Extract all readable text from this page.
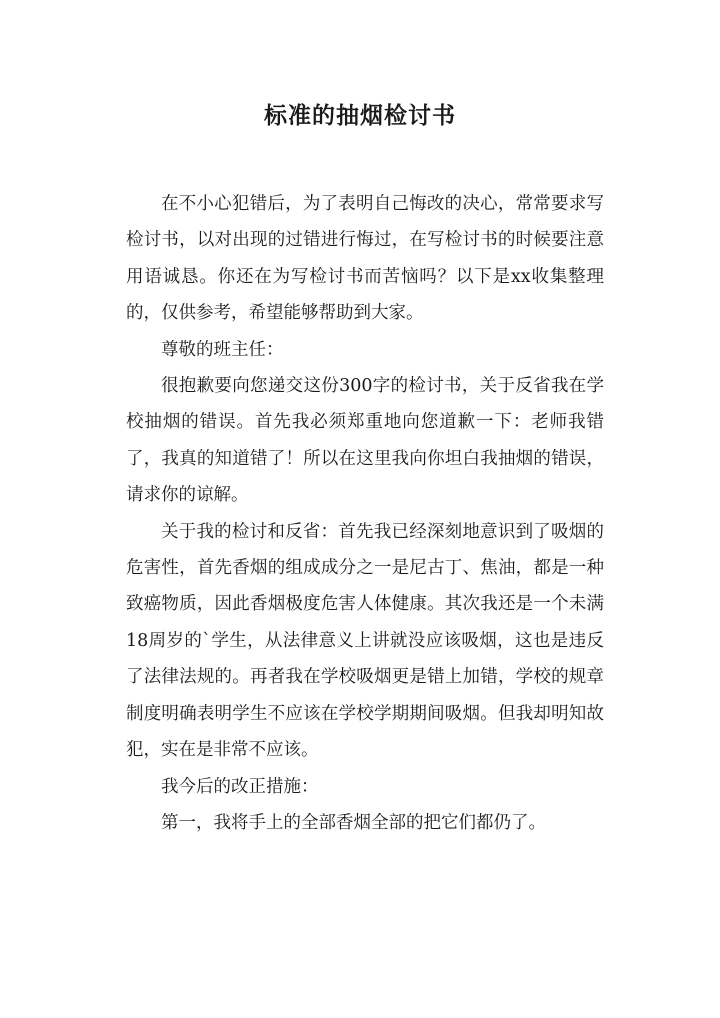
标准的抽烟检讨书

在不小心犯错后，为了表明自己悔改的决心，常常要求写检讨书，以对出现的过错进行悔过，在写检讨书的时候要注意用语诚恳。你还在为写检讨书而苦恼吗？以下是xx收集整理的，仅供参考，希望能够帮助到大家。

尊敬的班主任：

很抱歉要向您递交这份300字的检讨书，关于反省我在学校抽烟的错误。首先我必须郑重地向您道歉一下：老师我错了，我真的知道错了！所以在这里我向你坦白我抽烟的错误，请求你的谅解。

关于我的检讨和反省：首先我已经深刻地意识到了吸烟的危害性，首先香烟的组成成分之一是尼古丁、焦油，都是一种致癌物质，因此香烟极度危害人体健康。其次我还是一个未满18周岁的`学生，从法律意义上讲就没应该吸烟，这也是违反了法律法规的。再者我在学校吸烟更是错上加错，学校的规章制度明确表明学生不应该在学校学期期间吸烟。但我却明知故犯，实在是非常不应该。

我今后的改正措施：

第一，我将手上的全部香烟全部的把它们都仍了。
